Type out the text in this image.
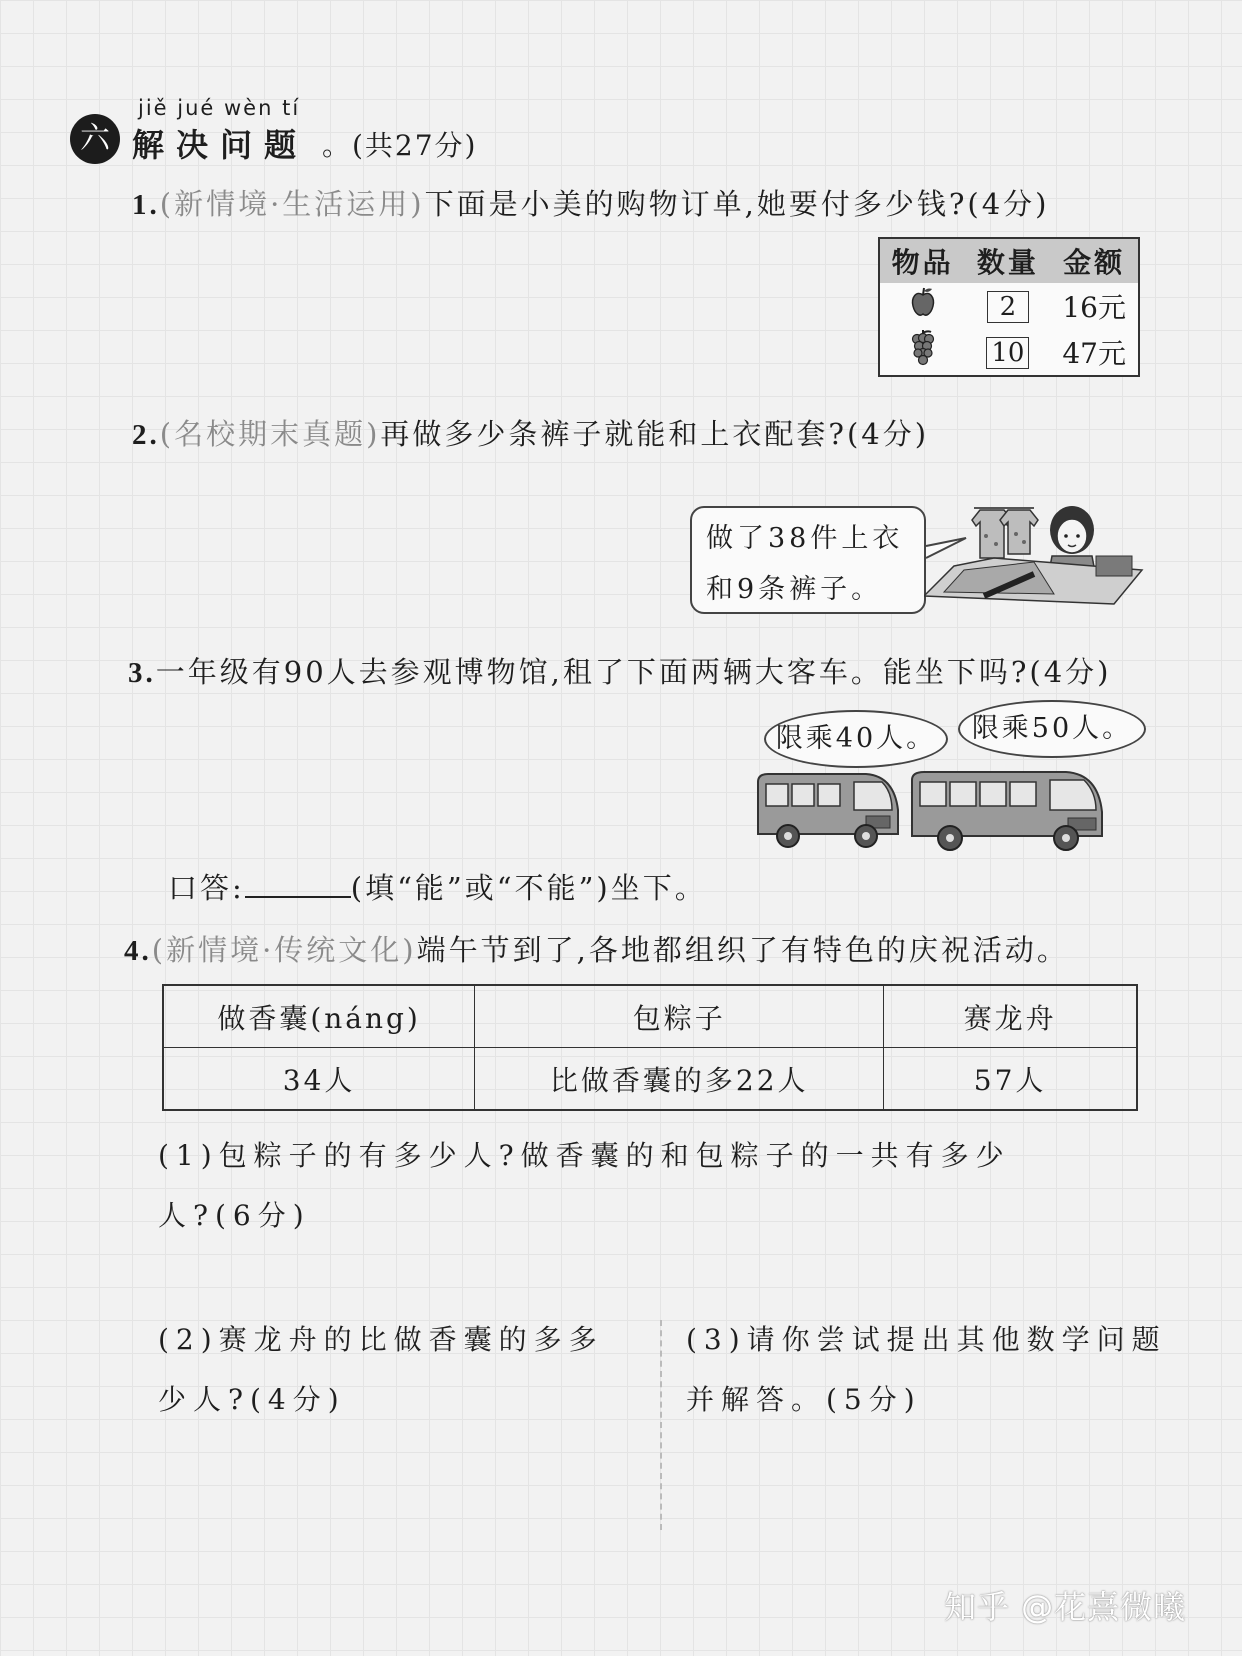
六
jiě jué wèn tí
解决问题 。(共27分)
1.(新情境·生活运用)下面是小美的购物订单,她要付多少钱?(4分)
物品	数量	金额
	2	16元
	10	47元
2.(名校期末真题)再做多少条裤子就能和上衣配套?(4分)
做了38件上衣
和9条裤子。
3.一年级有90人去参观博物馆,租了下面两辆大客车。能坐下吗?(4分)
限乘40人。	限乘50人。
口答:	(填“能”或“不能”)坐下。
4.(新情境·传统文化)端午节到了,各地都组织了有特色的庆祝活动。
做香囊(náng)	包粽子	赛龙舟
34人	比做香囊的多22人	57人
(1)包粽子的有多少人?做香囊的和包粽子的一共有多少
人?(6分)
(2)赛龙舟的比做香囊的多多
少人?(4分)
(3)请你尝试提出其他数学问题
并解答。(5分)
知乎 @花熹微曦
